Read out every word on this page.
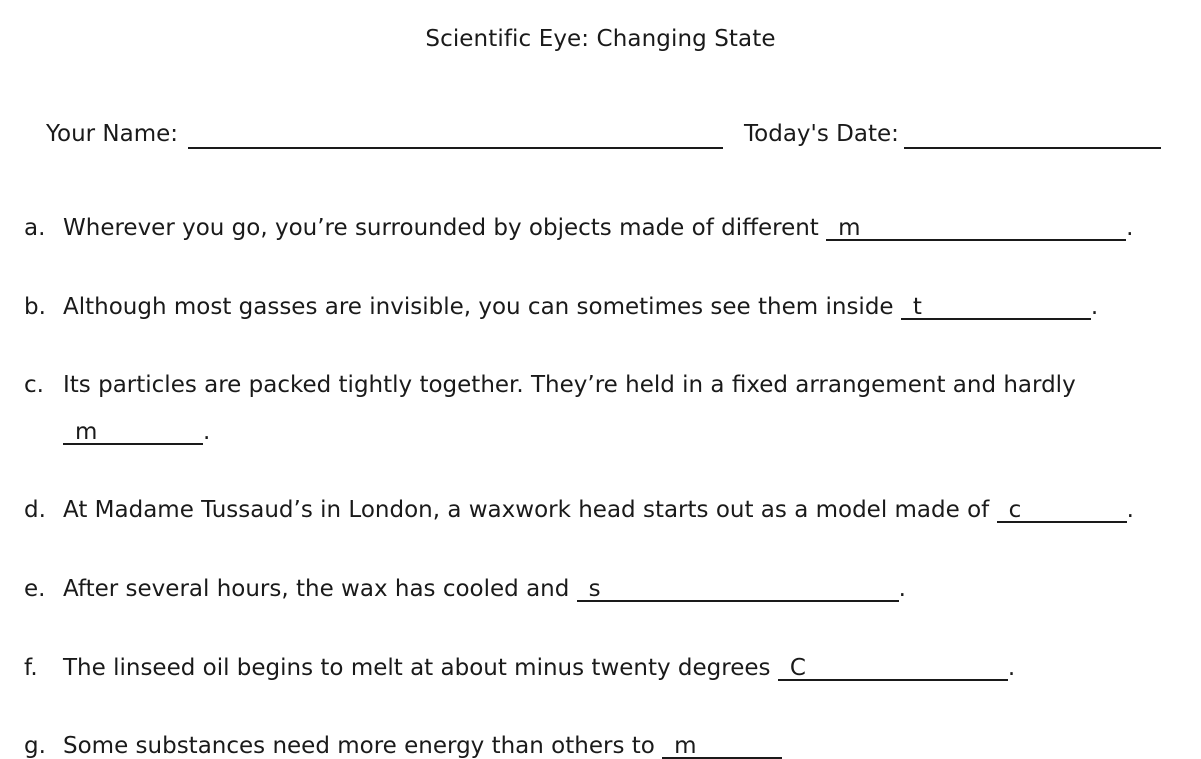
Scientific Eye: Changing State
Your Name:	Today's Date:
a. Wherever you go, you’re surrounded by objects made of different m	.
b. Although most gasses are invisible, you can sometimes see them inside t	.
c. Its particles are packed tightly together. They’re held in a fixed arrangement and hardly
m	.
d. At Madame Tussaud’s in London, a waxwork head starts out as a model made of c	.
e. After several hours, the wax has cooled and s	.
f. The linseed oil begins to melt at about minus twenty degrees C	.
g. Some substances need more energy than others to m
